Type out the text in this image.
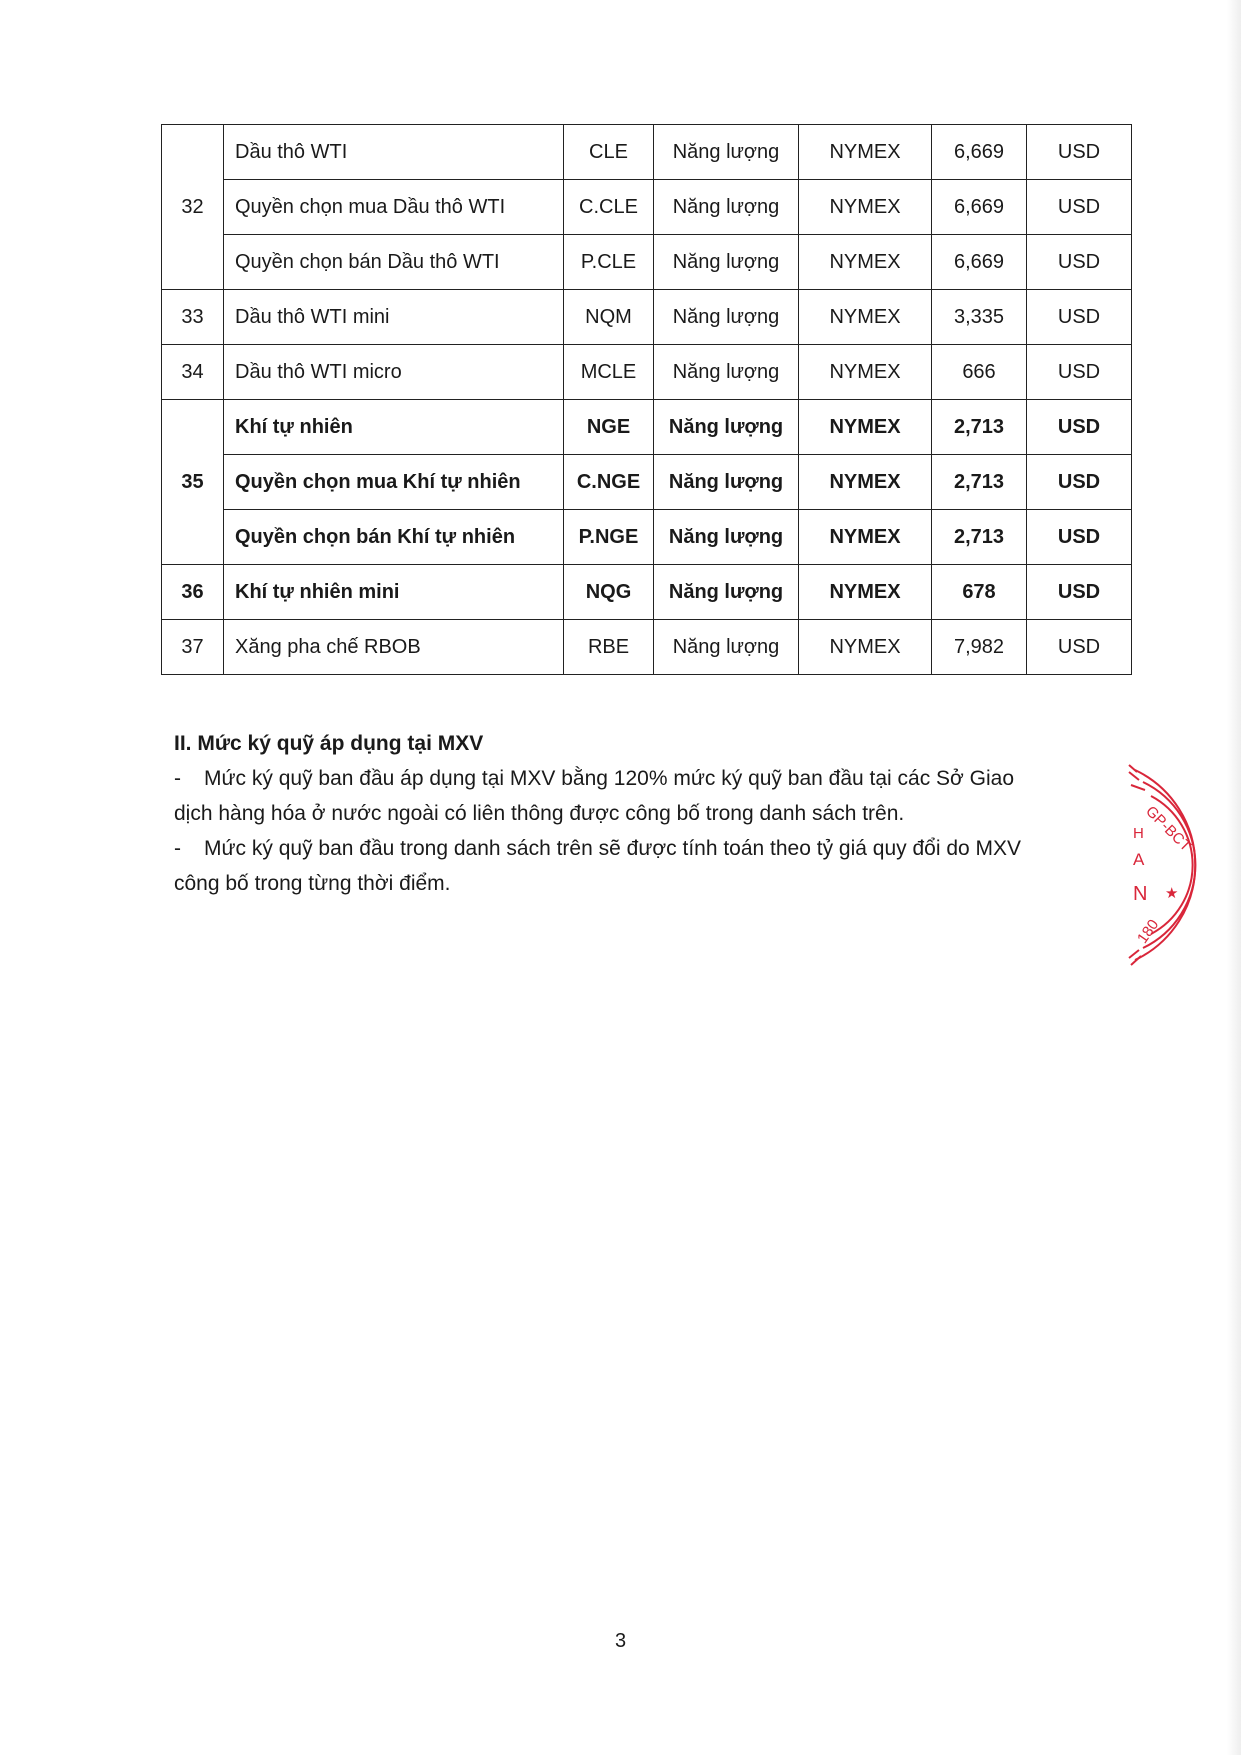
32	Dầu thô WTI	CLE	Năng lượng	NYMEX	6,669	USD
	Quyền chọn mua Dầu thô WTI	C.CLE	Năng lượng	NYMEX	6,669	USD
	Quyền chọn bán Dầu thô WTI	P.CLE	Năng lượng	NYMEX	6,669	USD
33	Dầu thô WTI mini	NQM	Năng lượng	NYMEX	3,335	USD
34	Dầu thô WTI micro	MCLE	Năng lượng	NYMEX	666	USD
35	Khí tự nhiên	NGE	Năng lượng	NYMEX	2,713	USD
	Quyền chọn mua Khí tự nhiên	C.NGE	Năng lượng	NYMEX	2,713	USD
	Quyền chọn bán Khí tự nhiên	P.NGE	Năng lượng	NYMEX	2,713	USD
36	Khí tự nhiên mini	NQG	Năng lượng	NYMEX	678	USD
37	Xăng pha chế RBOB	RBE	Năng lượng	NYMEX	7,982	USD
II. Mức ký quỹ áp dụng tại MXV

- Mức ký quỹ ban đầu áp dụng tại MXV bằng 120% mức ký quỹ ban đầu tại các Sở Giao

dịch hàng hóa ở nước ngoài có liên thông được công bố trong danh sách trên.

- Mức ký quỹ ban đầu trong danh sách trên sẽ được tính toán theo tỷ giá quy đổi do MXV

công bố trong từng thời điểm.

GP-BCT
H
A
N ★
180
3
